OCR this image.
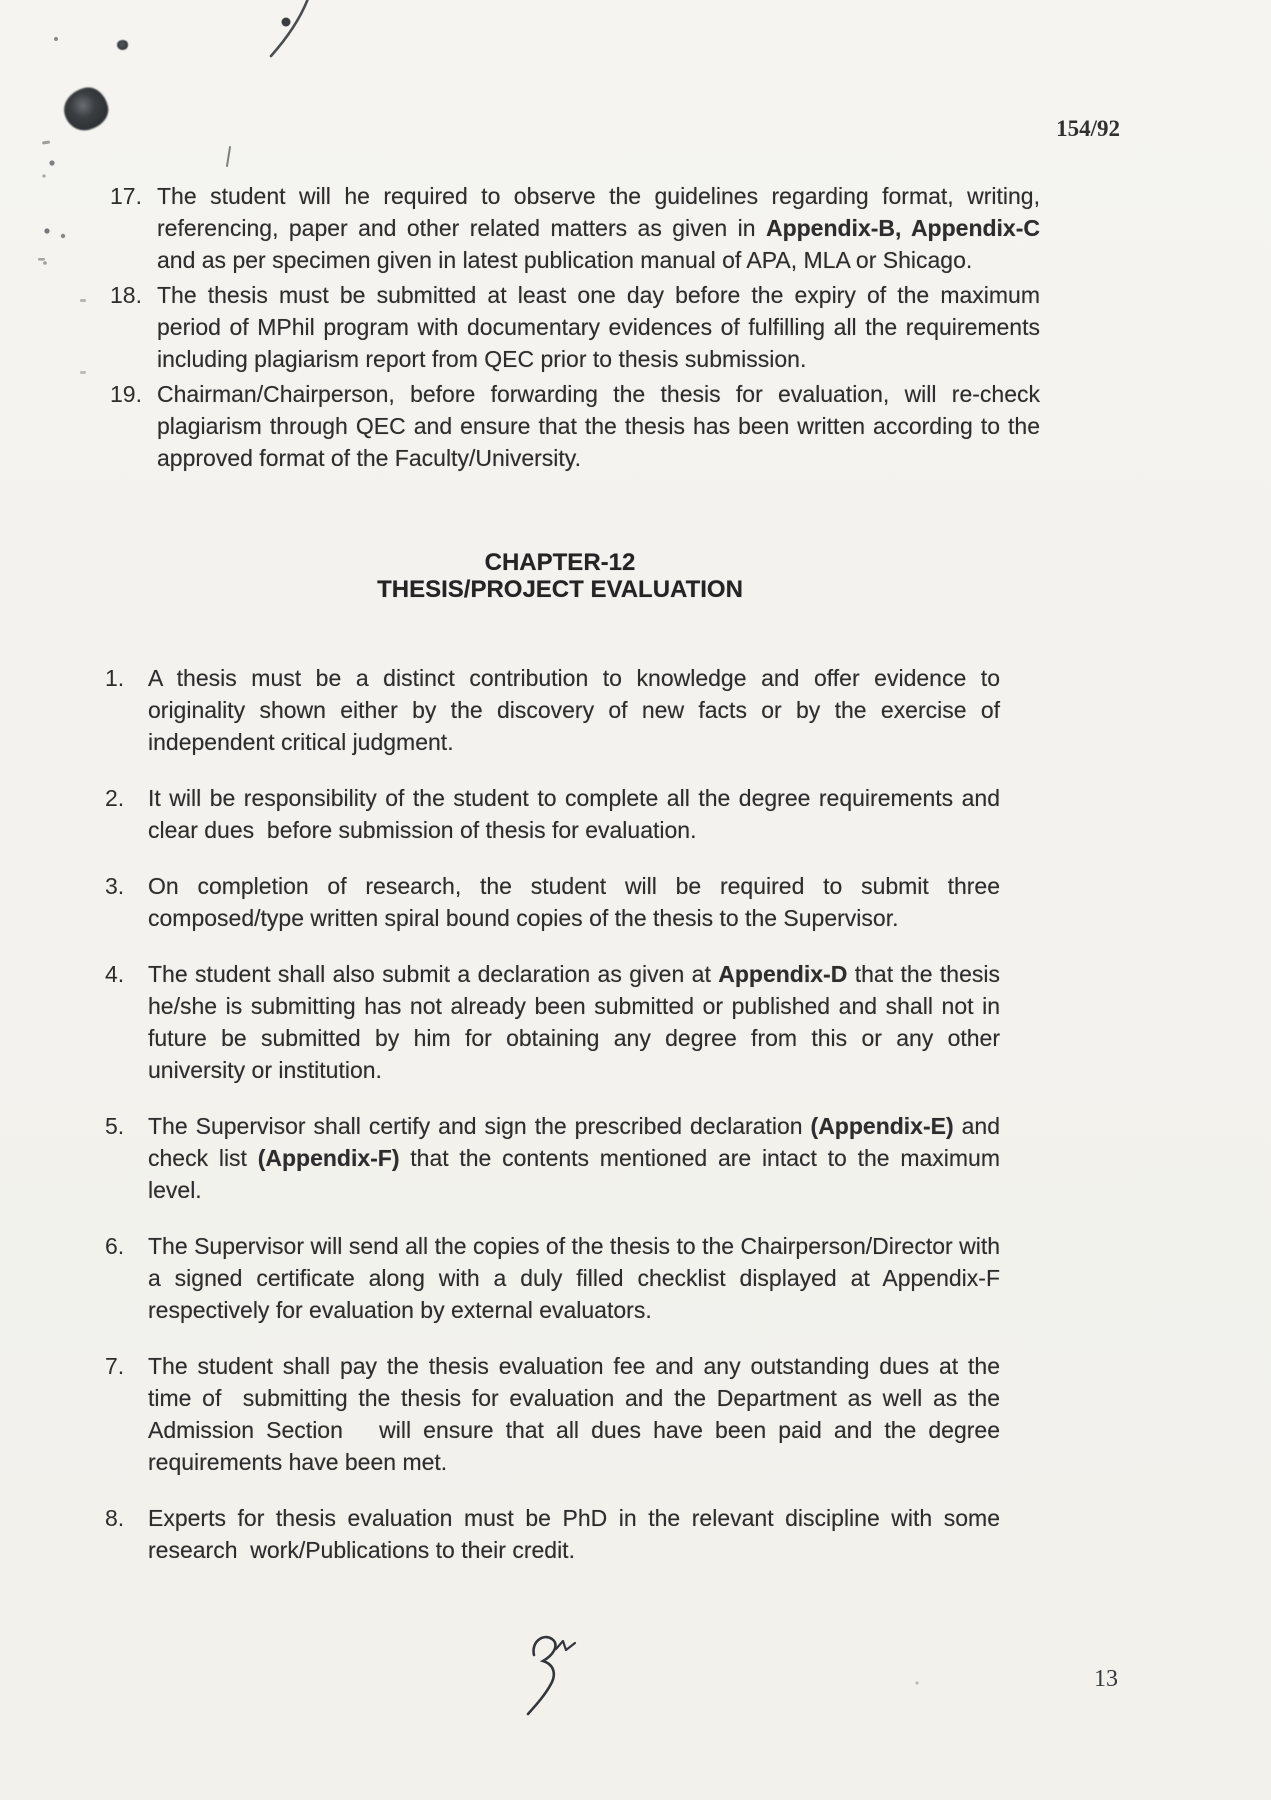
154/92
17. The student will he required to observe the guidelines regarding format, writing, referencing, paper and other related matters as given in Appendix-B, Appendix-C and as per specimen given in latest publication manual of APA, MLA or Shicago.

18. The thesis must be submitted at least one day before the expiry of the maximum period of MPhil program with documentary evidences of fulfilling all the requirements including plagiarism report from QEC prior to thesis submission.

19. Chairman/Chairperson, before forwarding the thesis for evaluation, will re-check plagiarism through QEC and ensure that the thesis has been written according to the approved format of the Faculty/University.

CHAPTER-12
THESIS/PROJECT EVALUATION
1.	A thesis must be a distinct contribution to knowledge and offer evidence to originality shown either by the discovery of new facts or by the exercise of independent critical judgment.

2.	It will be responsibility of the student to complete all the degree requirements and clear dues  before submission of thesis for evaluation.

3.	On completion of research, the student will be required to submit three composed/type written spiral bound copies of the thesis to the Supervisor.

4.	The student shall also submit a declaration as given at Appendix-D that the thesis he/she is submitting has not already been submitted or published and shall not in future be submitted by him for obtaining any degree from this or any other university or institution.

5.	The Supervisor shall certify and sign the prescribed declaration (Appendix-E) and check list (Appendix-F) that the contents mentioned are intact to the maximum level.

6.	The Supervisor will send all the copies of the thesis to the Chairperson/Director with a signed certificate along with a duly filled checklist displayed at Appendix-F respectively for evaluation by external evaluators.

7.	The student shall pay the thesis evaluation fee and any outstanding dues at the time of  submitting the thesis for evaluation and the Department as well as the Admission Section   will ensure that all dues have been paid and the degree requirements have been met.

8.	Experts for thesis evaluation must be PhD in the relevant discipline with some research  work/Publications to their credit.

13
